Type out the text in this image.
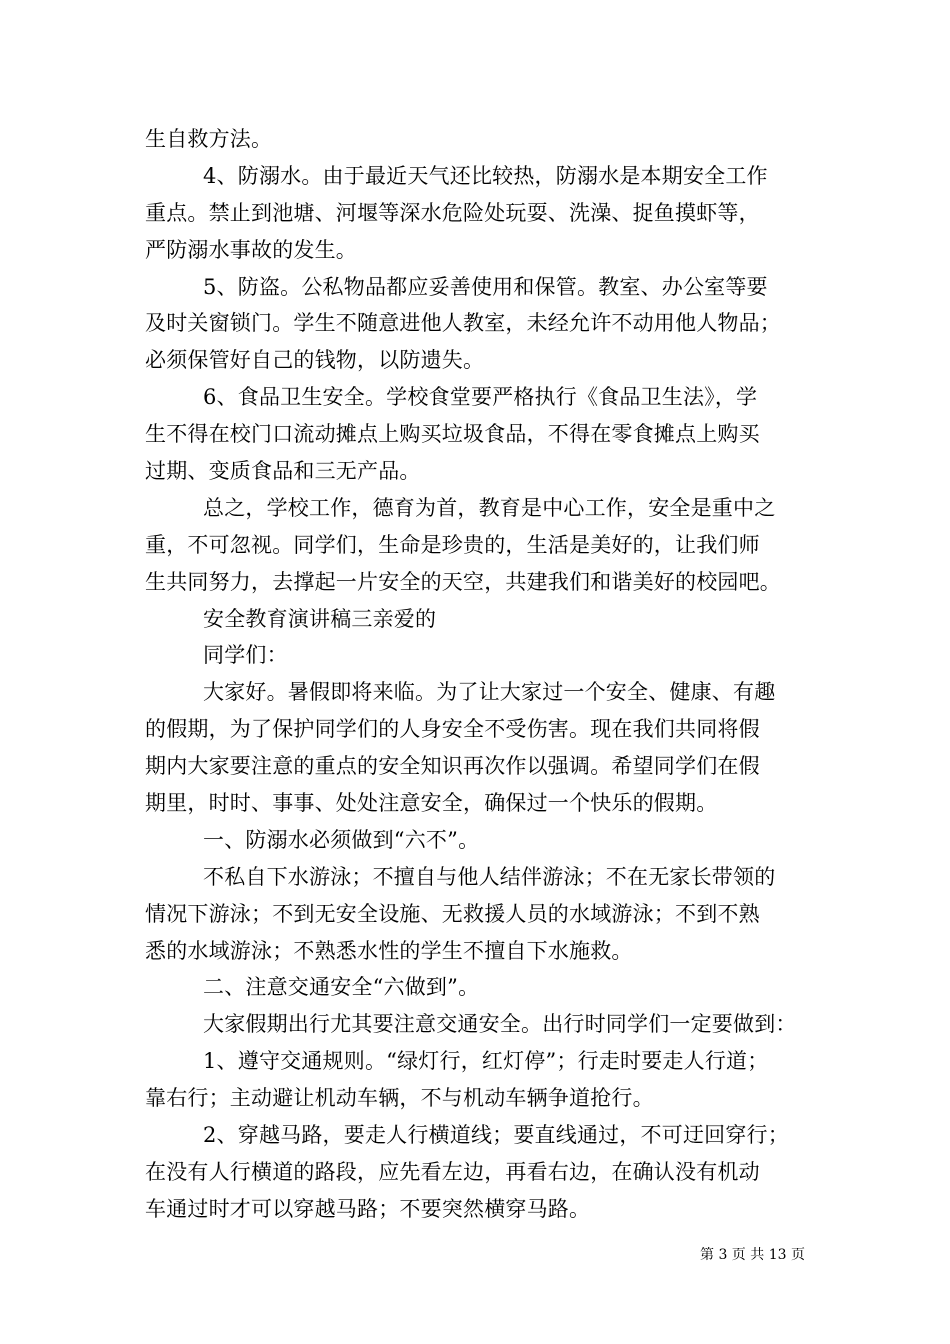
生自救方法。
4、防溺水。由于最近天气还比较热，防溺水是本期安全工作
重点。禁止到池塘、河堰等深水危险处玩耍、洗澡、捉鱼摸虾等，
严防溺水事故的发生。
5、防盗。公私物品都应妥善使用和保管。教室、办公室等要
及时关窗锁门。学生不随意进他人教室，未经允许不动用他人物品；
必须保管好自己的钱物，以防遗失。
6、食品卫生安全。学校食堂要严格执行《食品卫生法》，学
生不得在校门口流动摊点上购买垃圾食品，不得在零食摊点上购买
过期、变质食品和三无产品。
总之，学校工作，德育为首，教育是中心工作，安全是重中之
重，不可忽视。同学们，生命是珍贵的，生活是美好的，让我们师
生共同努力，去撑起一片安全的天空，共建我们和谐美好的校园吧。
安全教育演讲稿三亲爱的
同学们：
大家好。暑假即将来临。为了让大家过一个安全、健康、有趣
的假期，为了保护同学们的人身安全不受伤害。现在我们共同将假
期内大家要注意的重点的安全知识再次作以强调。希望同学们在假
期里，时时、事事、处处注意安全，确保过一个快乐的假期。
一、防溺水必须做到“六不”。
不私自下水游泳；不擅自与他人结伴游泳；不在无家长带领的
情况下游泳；不到无安全设施、无救援人员的水域游泳；不到不熟
悉的水域游泳；不熟悉水性的学生不擅自下水施救。
二、注意交通安全“六做到”。
大家假期出行尤其要注意交通安全。出行时同学们一定要做到：
1、遵守交通规则。“绿灯行，红灯停”；行走时要走人行道；
靠右行；主动避让机动车辆，不与机动车辆争道抢行。
2、穿越马路，要走人行横道线；要直线通过，不可迂回穿行；
在没有人行横道的路段，应先看左边，再看右边，在确认没有机动
车通过时才可以穿越马路；不要突然横穿马路。
第 3 页 共 13 页
